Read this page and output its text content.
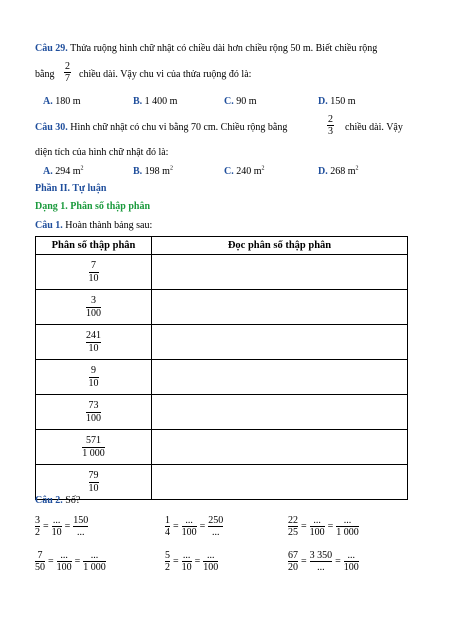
Câu 29. Thửa ruộng hình chữ nhật có chiều dài hơn chiều rộng 50 m. Biết chiều rộng
bằng
2
7 chiều dài. Vậy chu vi của thửa ruộng đó là:
A. 180 m	B. 1 400 m	C. 90 m	D. 150 m
Câu 30. Hình chữ nhật có chu vi bằng 70 cm. Chiều rộng bằng
2
3 chiều dài. Vậy
diện tích của hình chữ nhật đó là:
A. 294 $m^2$	B. 198 $m^2$	C. 240 $m^2$	D. 268 $m^2$
Phần II. Tự luận
Dạng 1. Phân số thập phân
Câu 1. Hoàn thành bảng sau:
Phân số thập phân	Đọc phân số thập phân

$\frac{7}{10}$

$\frac{3}{100}$

$\frac{241}{10}$

$\frac{9}{10}$

$\frac{73}{100}$

$\frac{571}{1 000}$

$\frac{79}{10}$

Câu 2. Số?
3
2
=
...
10
=
150
...
1
4
=
...
100
=
250
...
22
25
=
...
100
=
...
1 000
7
50
=
...
100
=
...
1 000
5
2
=
...
10
=
...
100
67
20
=
3 350
...
=
...
100
